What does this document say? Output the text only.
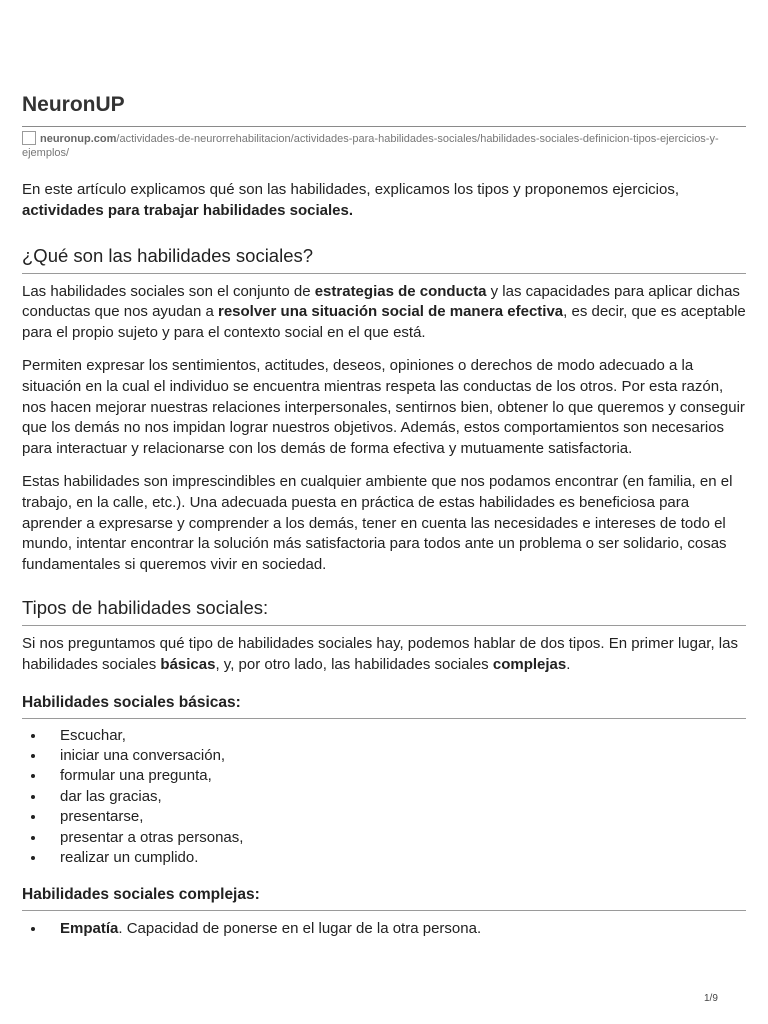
NeuronUP
neuronup.com/actividades-de-neurorrehabilitacion/actividades-para-habilidades-sociales/habilidades-sociales-definicion-tipos-ejercicios-y-ejemplos/

En este artículo explicamos qué son las habilidades, explicamos los tipos y proponemos ejercicios, actividades para trabajar habilidades sociales.

¿Qué son las habilidades sociales?

Las habilidades sociales son el conjunto de estrategias de conducta y las capacidades para aplicar dichas conductas que nos ayudan a resolver una situación social de manera efectiva, es decir, que es aceptable para el propio sujeto y para el contexto social en el que está.

Permiten expresar los sentimientos, actitudes, deseos, opiniones o derechos de modo adecuado a la situación en la cual el individuo se encuentra mientras respeta las conductas de los otros. Por esta razón, nos hacen mejorar nuestras relaciones interpersonales, sentirnos bien, obtener lo que queremos y conseguir que los demás no nos impidan lograr nuestros objetivos. Además, estos comportamientos son necesarios para interactuar y relacionarse con los demás de forma efectiva y mutuamente satisfactoria.

Estas habilidades son imprescindibles en cualquier ambiente que nos podamos encontrar (en familia, en el trabajo, en la calle, etc.). Una adecuada puesta en práctica de estas habilidades es beneficiosa para aprender a expresarse y comprender a los demás, tener en cuenta las necesidades e intereses de todo el mundo, intentar encontrar la solución más satisfactoria para todos ante un problema o ser solidario, cosas fundamentales si queremos vivir en sociedad.

Tipos de habilidades sociales:

Si nos preguntamos qué tipo de habilidades sociales hay, podemos hablar de dos tipos. En primer lugar, las habilidades sociales básicas, y, por otro lado, las habilidades sociales complejas.

Habilidades sociales básicas:
• Escuchar,
• iniciar una conversación,
• formular una pregunta,
• dar las gracias,
• presentarse,
• presentar a otras personas,
• realizar un cumplido.
Habilidades sociales complejas:
• Empatía. Capacidad de ponerse en el lugar de la otra persona.
1/9
